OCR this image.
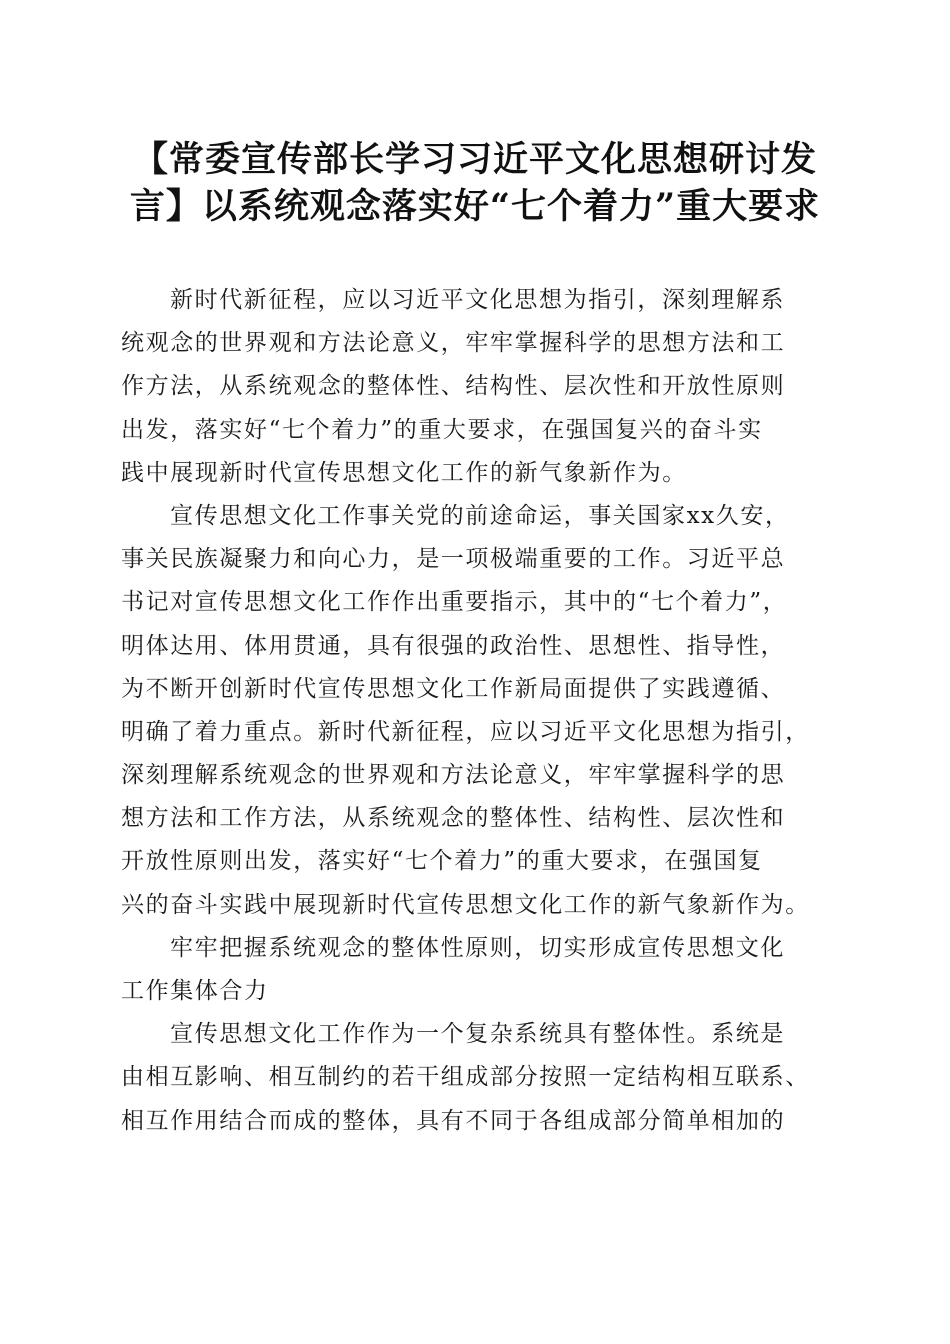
【常委宣传部长学习习近平文化思想研讨发
言】以系统观念落实好“七个着力”重大要求

新时代新征程，应以习近平文化思想为指引，深刻理解系
统观念的世界观和方法论意义，牢牢掌握科学的思想方法和工
作方法，从系统观念的整体性、结构性、层次性和开放性原则
出发，落实好“七个着力”的重大要求，在强国复兴的奋斗实
践中展现新时代宣传思想文化工作的新气象新作为。

宣传思想文化工作事关党的前途命运，事关国家xx久安，
事关民族凝聚力和向心力，是一项极端重要的工作。习近平总
书记对宣传思想文化工作作出重要指示，其中的“七个着力”，
明体达用、体用贯通，具有很强的政治性、思想性、指导性，
为不断开创新时代宣传思想文化工作新局面提供了实践遵循、
明确了着力重点。新时代新征程，应以习近平文化思想为指引，
深刻理解系统观念的世界观和方法论意义，牢牢掌握科学的思
想方法和工作方法，从系统观念的整体性、结构性、层次性和
开放性原则出发，落实好“七个着力”的重大要求，在强国复
兴的奋斗实践中展现新时代宣传思想文化工作的新气象新作为。

牢牢把握系统观念的整体性原则，切实形成宣传思想文化
工作集体合力

宣传思想文化工作作为一个复杂系统具有整体性。系统是
由相互影响、相互制约的若干组成部分按照一定结构相互联系、
相互作用结合而成的整体，具有不同于各组成部分简单相加的
